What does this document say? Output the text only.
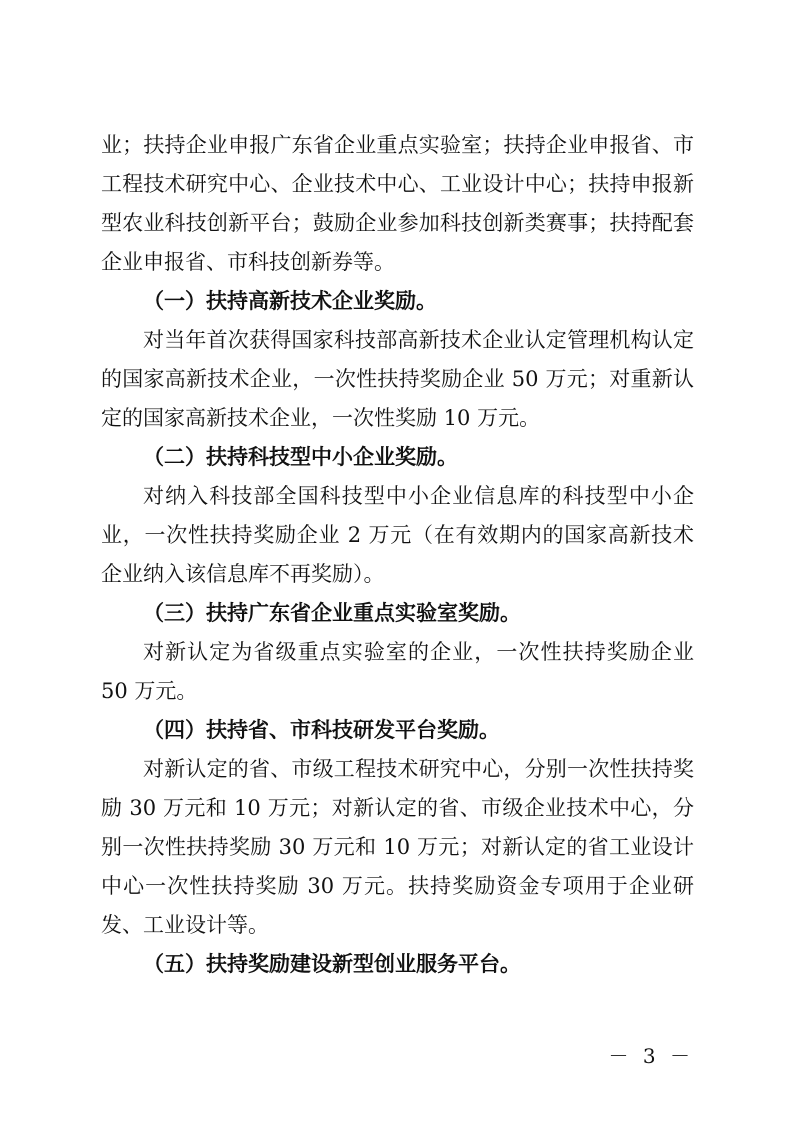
业；扶持企业申报广东省企业重点实验室；扶持企业申报省、市工程技术研究中心、企业技术中心、工业设计中心；扶持申报新型农业科技创新平台；鼓励企业参加科技创新类赛事；扶持配套企业申报省、市科技创新券等。

（一）扶持高新技术企业奖励。

对当年首次获得国家科技部高新技术企业认定管理机构认定的国家高新技术企业，一次性扶持奖励企业 50 万元；对重新认定的国家高新技术企业，一次性奖励 10 万元。

（二）扶持科技型中小企业奖励。

对纳入科技部全国科技型中小企业信息库的科技型中小企业，一次性扶持奖励企业 2 万元（在有效期内的国家高新技术企业纳入该信息库不再奖励）。

（三）扶持广东省企业重点实验室奖励。

对新认定为省级重点实验室的企业，一次性扶持奖励企业 50 万元。

（四）扶持省、市科技研发平台奖励。

对新认定的省、市级工程技术研究中心，分别一次性扶持奖励 30 万元和 10 万元；对新认定的省、市级企业技术中心，分别一次性扶持奖励 30 万元和 10 万元；对新认定的省工业设计中心一次性扶持奖励 30 万元。扶持奖励资金专项用于企业研发、工业设计等。

（五）扶持奖励建设新型创业服务平台。

－ 3 －
